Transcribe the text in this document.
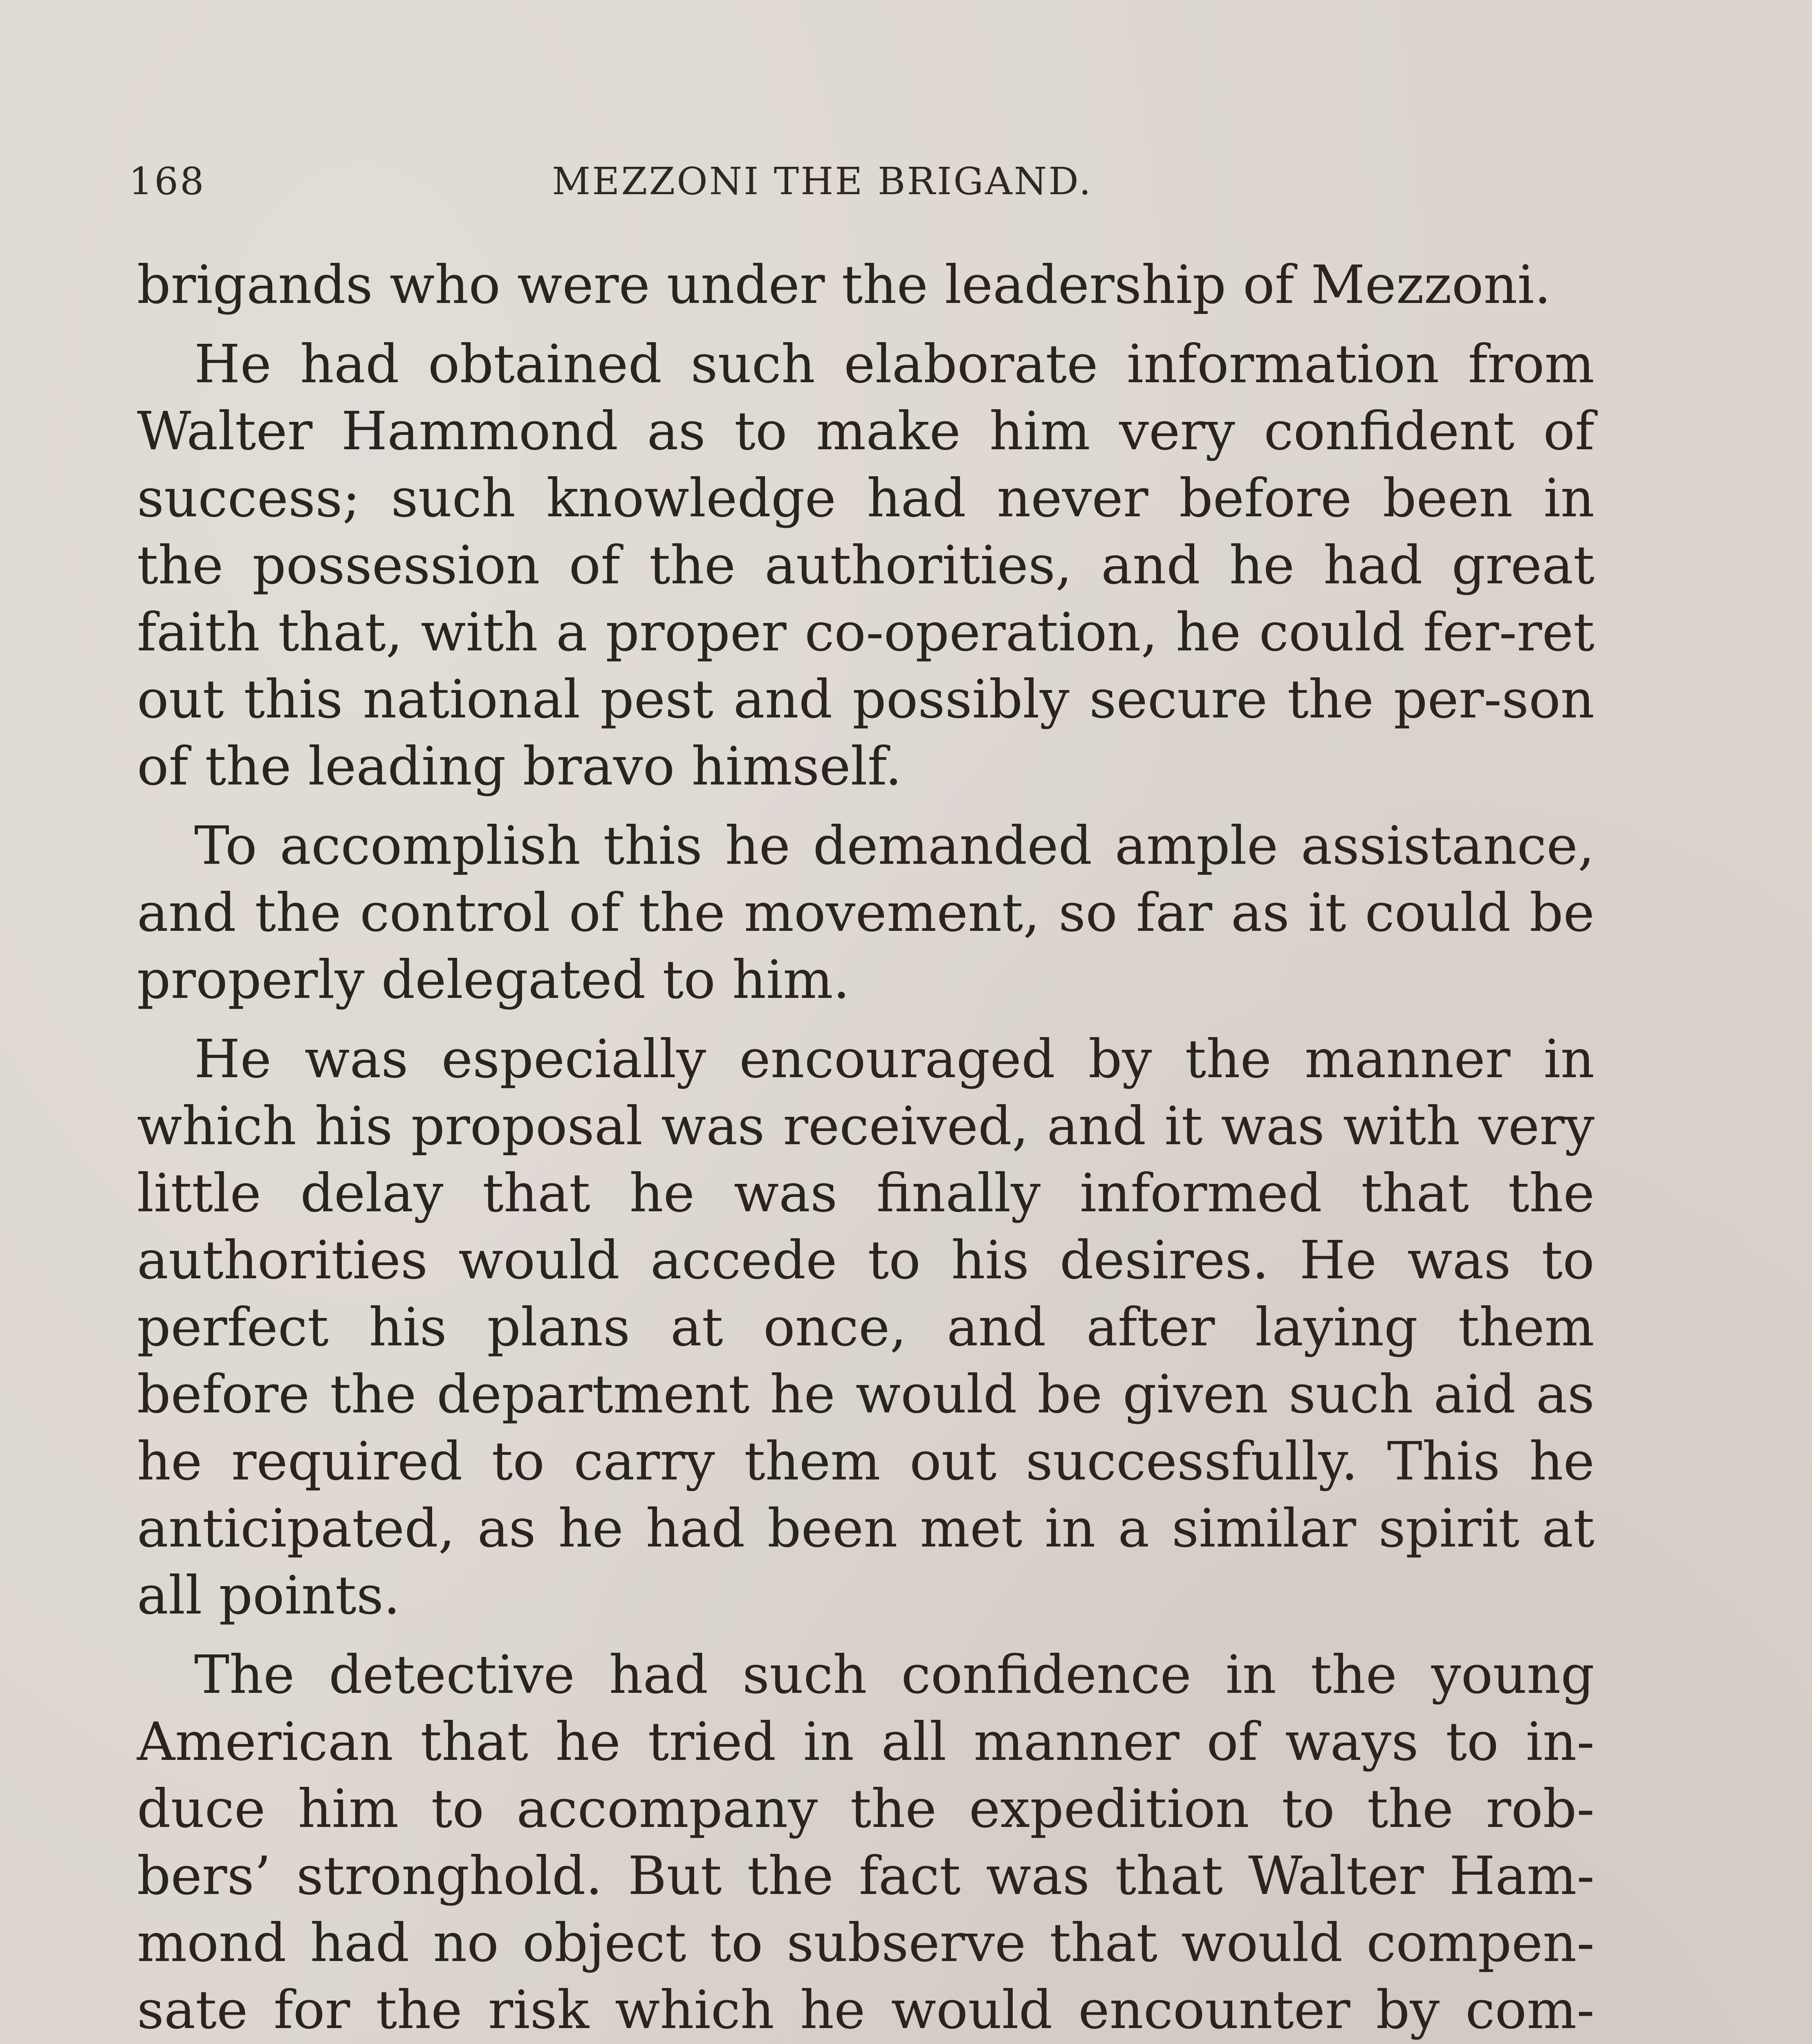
168	MEZZONI THE BRIGAND.

brigands who were under the leadership of Mezzoni.

He had obtained such elaborate information from Walter Hammond as to make him very confident of success; such knowledge had never before been in the possession of the authorities, and he had great faith that, with a proper co-operation, he could fer-ret out this national pest and possibly secure the per-son of the leading bravo himself.

To accomplish this he demanded ample assistance, and the control of the movement, so far as it could be properly delegated to him.

He was especially encouraged by the manner in which his proposal was received, and it was with very little delay that he was finally informed that the authorities would accede to his desires. He was to perfect his plans at once, and after laying them before the department he would be given such aid as he required to carry them out successfully. This he anticipated, as he had been met in a similar spirit at all points.

The detective had such confidence in the young American that he tried in all manner of ways to in-duce him to accompany the expedition to the rob-bers’ stronghold. But the fact was that Walter Ham-mond had no object to subserve that would compen-sate for the risk which he would encounter by com-
